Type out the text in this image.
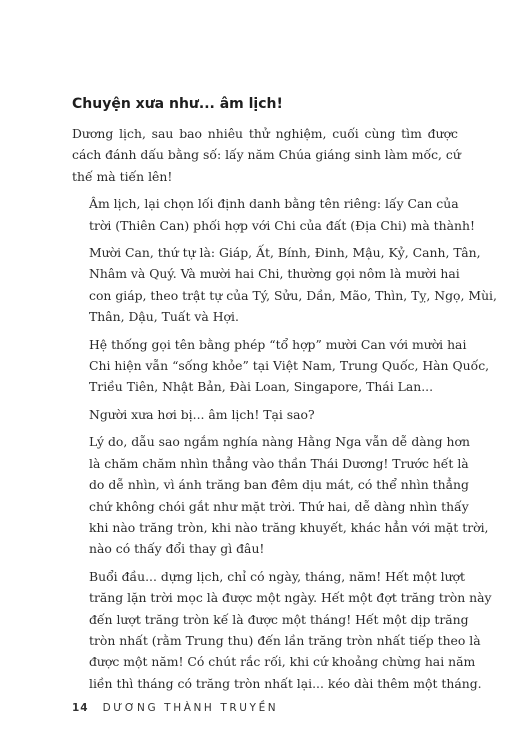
Chuyện xưa như... âm lịch!

Dương lịch, sau bao nhiêu thử nghiệm, cuối cùng tìm được
cách đánh dấu bằng số: lấy năm Chúa giáng sinh làm mốc, cứ
thế mà tiến lên!

Âm lịch, lại chọn lối định danh bằng tên riêng: lấy Can của
trời (Thiên Can) phối hợp với Chi của đất (Địa Chi) mà thành!

Mười Can, thứ tự là: Giáp, Ất, Bính, Đinh, Mậu, Kỷ, Canh, Tân,
Nhâm và Quý. Và mười hai Chi, thường gọi nôm là mười hai
con giáp, theo trật tự của Tý, Sửu, Dần, Mão, Thìn, Tỵ, Ngọ, Mùi,
Thân, Dậu, Tuất và Hợi.

Hệ thống gọi tên bằng phép “tổ hợp” mười Can với mười hai
Chi hiện vẫn “sống khỏe” tại Việt Nam, Trung Quốc, Hàn Quốc,
Triều Tiên, Nhật Bản, Đài Loan, Singapore, Thái Lan...

Người xưa hơi bị... âm lịch! Tại sao?

Lý do, dẫu sao ngắm nghía nàng Hằng Nga vẫn dễ dàng hơn
là chăm chăm nhìn thẳng vào thần Thái Dương! Trước hết là
do dễ nhìn, vì ánh trăng ban đêm dịu mát, có thể nhìn thẳng
chứ không chói gắt như mặt trời. Thứ hai, dễ dàng nhìn thấy
khi nào trăng tròn, khi nào trăng khuyết, khác hẳn với mặt trời,
nào có thấy đổi thay gì đâu!

Buổi đầu... dựng lịch, chỉ có ngày, tháng, năm! Hết một lượt
trăng lặn trời mọc là được một ngày. Hết một đợt trăng tròn này
đến lượt trăng tròn kế là được một tháng! Hết một dịp trăng
tròn nhất (rằm Trung thu) đến lần trăng tròn nhất tiếp theo là
được một năm! Có chút rắc rối, khi cứ khoảng chừng hai năm
liền thì tháng có trăng tròn nhất lại... kéo dài thêm một tháng.

14 DƯƠNG THÀNH TRUYỀN
